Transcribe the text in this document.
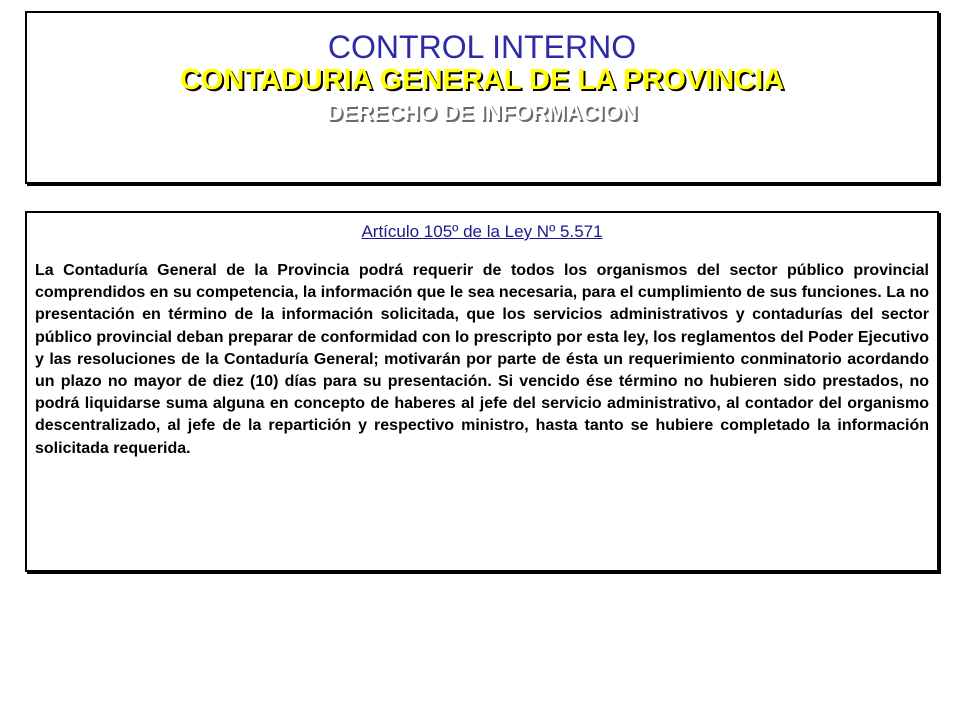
CONTROL INTERNO
CONTADURIA GENERAL DE LA PROVINCIA
DERECHO DE INFORMACION
Artículo 105º de la Ley Nº 5.571
La Contaduría General de la Provincia podrá requerir de todos los organismos del sector público provincial comprendidos en su competencia, la información que le sea necesaria, para el cumplimiento de sus funciones. La no presentación en término de la información solicitada, que los servicios administrativos y contadurías del sector público provincial deban preparar de conformidad con lo prescripto por esta ley, los reglamentos del Poder Ejecutivo y las resoluciones de la Contaduría General; motivarán por parte de ésta un requerimiento conminatorio acordando un plazo no mayor de diez (10) días para su presentación. Si vencido ése término no hubieren sido prestados, no podrá liquidarse suma alguna en concepto de haberes al jefe del servicio administrativo, al contador del organismo descentralizado, al jefe de la repartición y respectivo ministro, hasta tanto se hubiere completado la información solicitada requerida.
